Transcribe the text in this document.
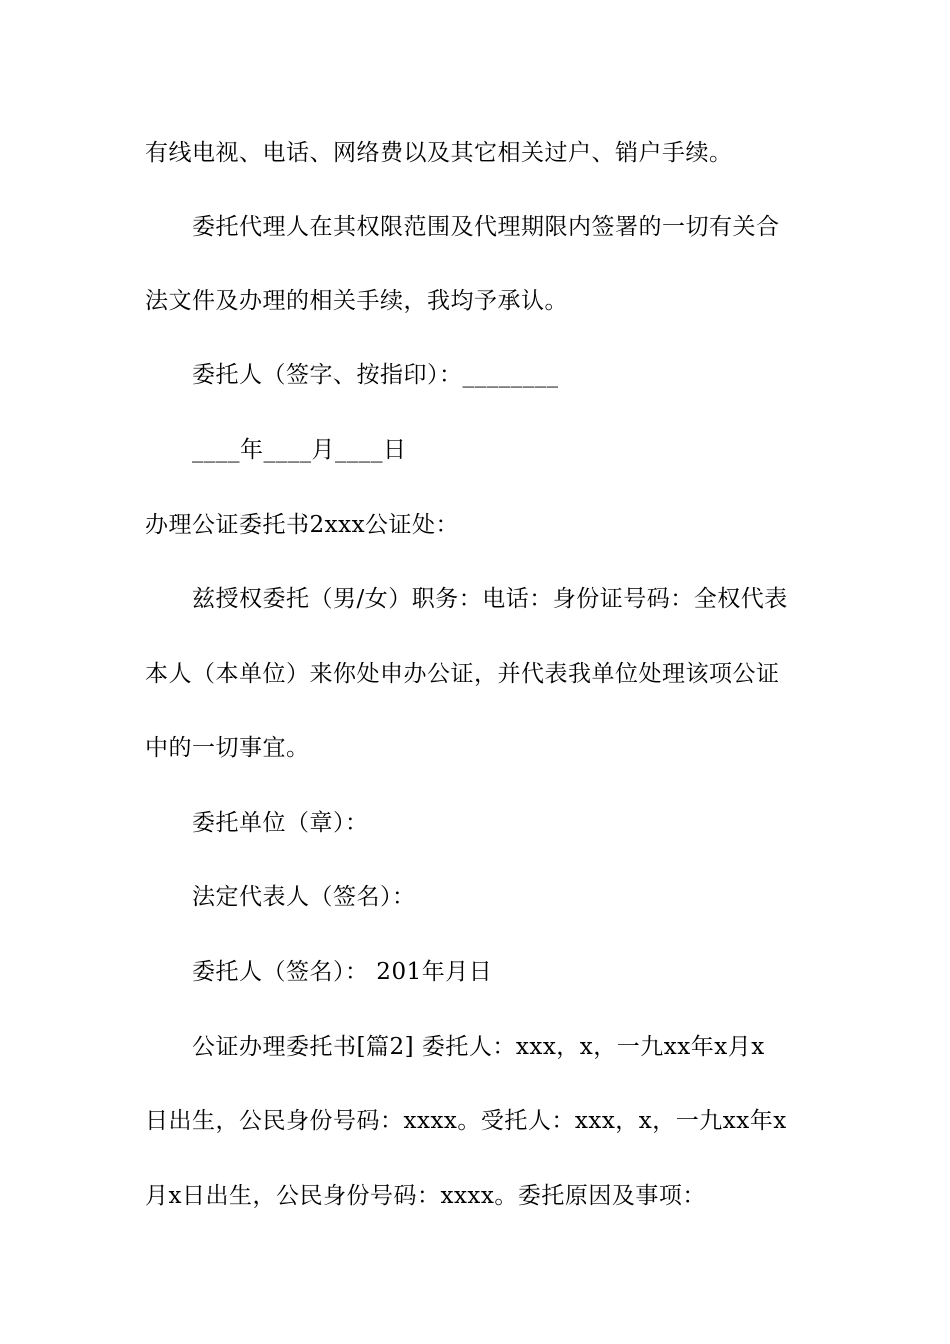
有线电视、电话、网络费以及其它相关过户、销户手续。
委托代理人在其权限范围及代理期限内签署的一切有关合
法文件及办理的相关手续，我均予承认。
委托人（签字、按指印）：________
____年____月____日
办理公证委托书2xxx公证处：
兹授权委托（男/女）职务：电话：身份证号码：全权代表
本人（本单位）来你处申办公证，并代表我单位处理该项公证
中的一切事宜。
委托单位（章）：
法定代表人（签名）：
委托人（签名）： 201年月日
公证办理委托书[篇2] 委托人：xxx，x，一九xx年x月x
日出生，公民身份号码：xxxx。受托人：xxx，x，一九xx年x
月x日出生，公民身份号码：xxxx。委托原因及事项：
